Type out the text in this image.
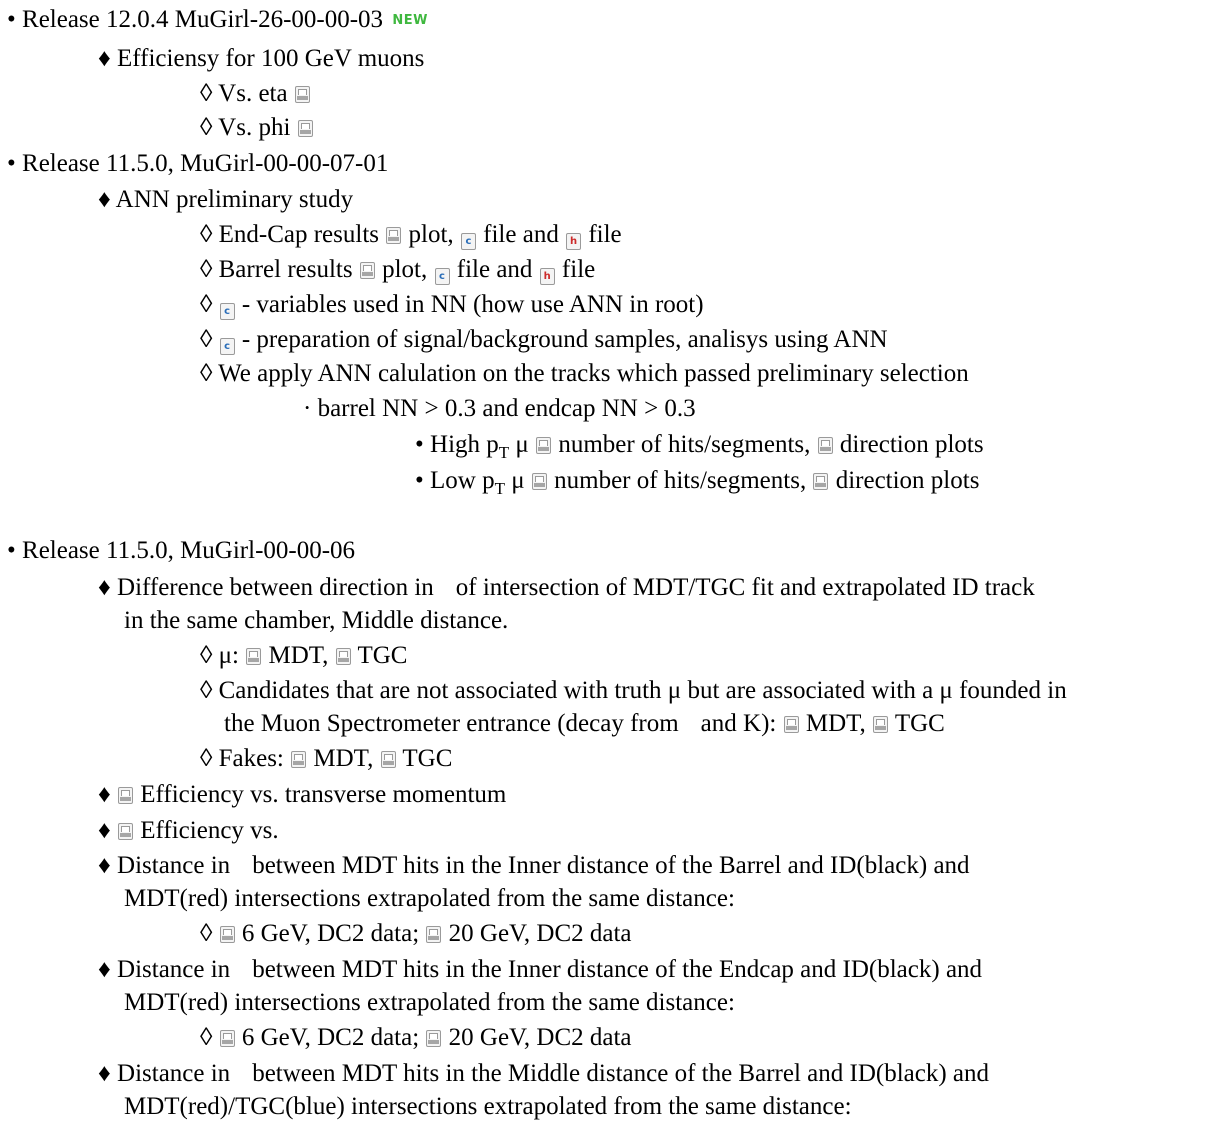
• Release 12.0.4 MuGirl-26-00-00-03 NEW
♦ Efficiensy for 100 GeV muons
◊ Vs. eta
◊ Vs. phi
• Release 11.5.0, MuGirl-00-00-07-01
♦ ANN preliminary study
◊ End-Cap results plot, c file and h file
◊ Barrel results plot, c file and h file
◊ c - variables used in NN (how use ANN in root)
◊ c - preparation of signal/background samples, analisys using ANN
◊ We apply ANN calulation on the tracks which passed preliminary selection
· barrel NN > 0.3 and endcap NN > 0.3
• High $p_T$ μ number of hits/segments, direction plots
• Low $p_T$ μ number of hits/segments, direction plots
• Release 11.5.0, MuGirl-00-00-06
♦ Difference between direction in of intersection of MDT/TGC fit and extrapolated ID track
in the same chamber, Middle distance.
◊ μ: MDT, TGC
◊ Candidates that are not associated with truth μ but are associated with a μ founded in
the Muon Spectrometer entrance (decay from and K): MDT, TGC
◊ Fakes: MDT, TGC
♦ Efficiency vs. transverse momentum
♦ Efficiency vs.
♦ Distance in between MDT hits in the Inner distance of the Barrel and ID(black) and
MDT(red) intersections extrapolated from the same distance:
◊ 6 GeV, DC2 data; 20 GeV, DC2 data
♦ Distance in between MDT hits in the Inner distance of the Endcap and ID(black) and
MDT(red) intersections extrapolated from the same distance:
◊ 6 GeV, DC2 data; 20 GeV, DC2 data
♦ Distance in between MDT hits in the Middle distance of the Barrel and ID(black) and
MDT(red)/TGC(blue) intersections extrapolated from the same distance:
